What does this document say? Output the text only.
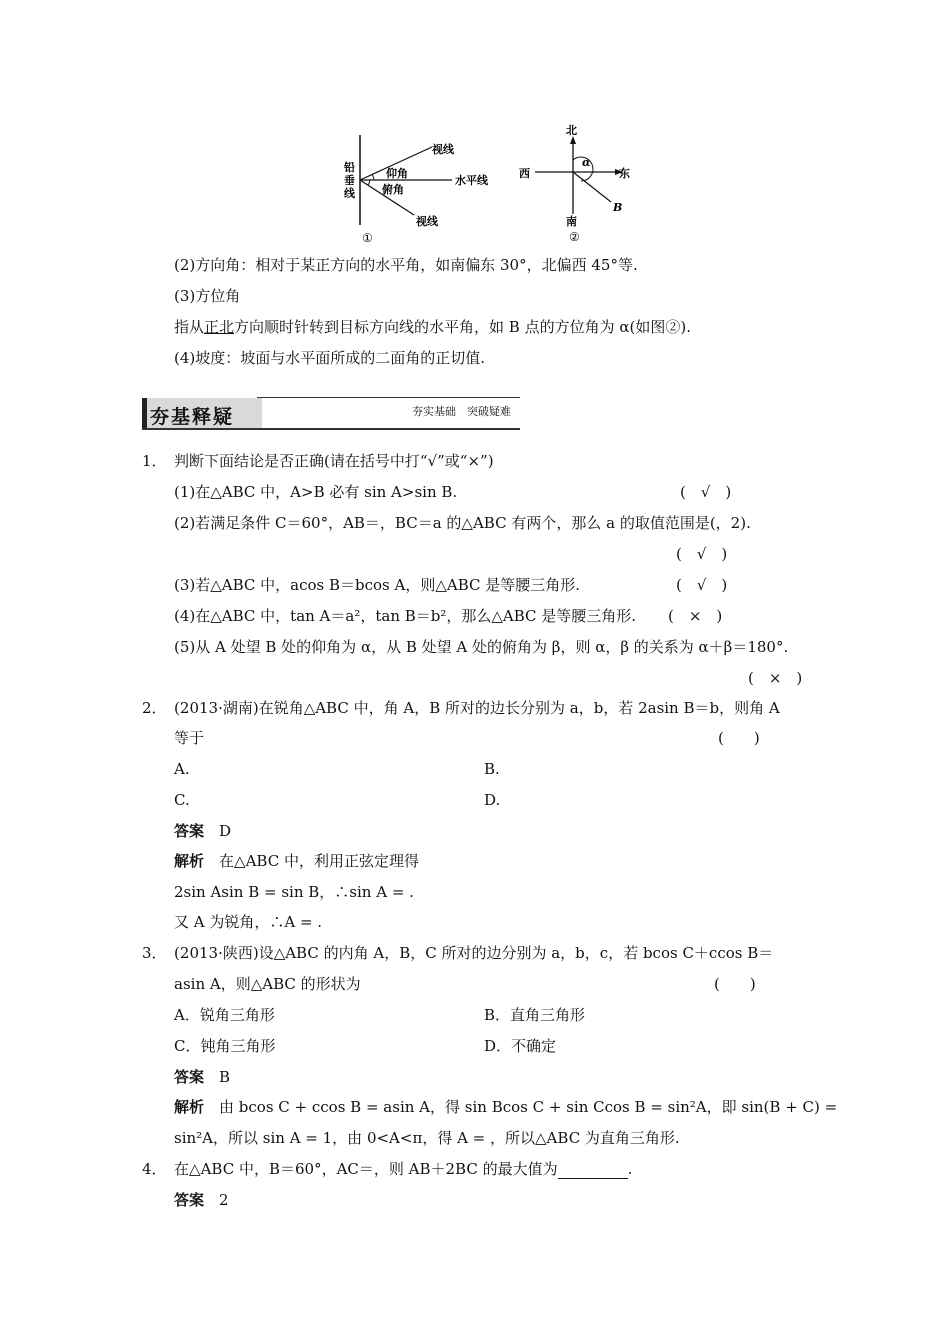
铅
垂
线
视线
仰角
水平线
俯角
视线
①
北
西	东
南
α
B
②
(2)方向角：相对于某正方向的水平角，如南偏东 30°，北偏西 45°等.
(3)方位角
指从正北方向顺时针转到目标方向线的水平角，如 B 点的方位角为 α(如图②).
(4)坡度：坡面与水平面所成的二面角的正切值.
夯基释疑	夯实基础　突破疑难
1．　判断下面结论是否正确(请在括号中打“√”或“×”)
(1)在△ABC 中，A>B 必有 sin A>sin B.	(　√　)
(2)若满足条件 C＝60°，AB＝，BC＝a 的△ABC 有两个，那么 a 的取值范围是(，2).
(　√　)
(3)若△ABC 中，acos B＝bcos A，则△ABC 是等腰三角形.	(　√　)
(4)在△ABC 中，tan A＝a²，tan B＝b²，那么△ABC 是等腰三角形. (　×　)
(5)从 A 处望 B 处的仰角为 α，从 B 处望 A 处的俯角为 β，则 α，β 的关系为 α＋β＝180°.
(　×　)
2．　(2013·湖南)在锐角△ABC 中，角 A，B 所对的边长分别为 a，b，若 2asin B＝b，则角 A
等于	(　　)
A.	B.
C.	D.
答案　 D
解析　 在△ABC 中，利用正弦定理得
2sin Asin B = sin B，∴sin A = .
又 A 为锐角，∴A = .
3．　(2013·陕西)设△ABC 的内角 A，B，C 所对的边分别为 a，b，c，若 bcos C＋ccos B＝
asin A，则△ABC 的形状为	(　　)
A．锐角三角形	B．直角三角形
C．钝角三角形	D．不确定
答案　 B
解析　 由 bcos C + ccos B = asin A，得 sin Bcos C + sin Ccos B = sin²A，即 sin(B + C) =
sin²A，所以 sin A = 1，由 0<A<π，得 A = ，所以△ABC 为直角三角形.
4．　在△ABC 中，B＝60°，AC＝，则 AB＋2BC 的最大值为	.
答案　 2
